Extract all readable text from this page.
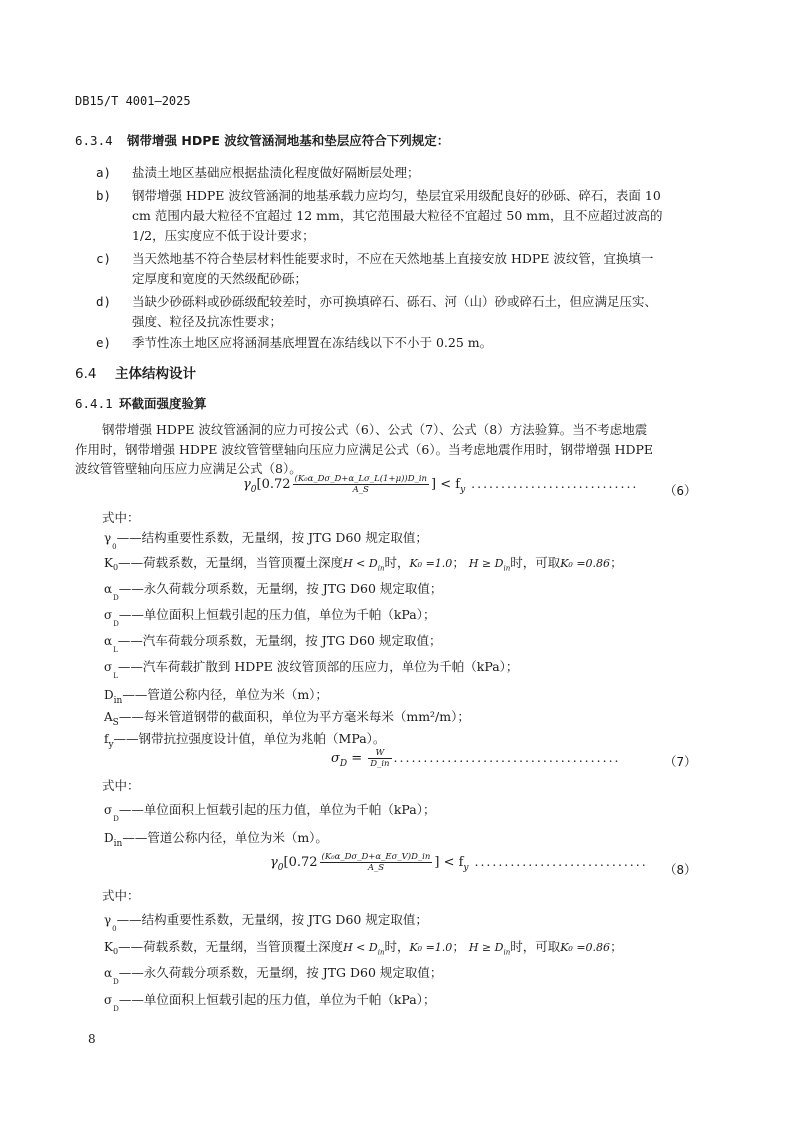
DB15/T 4001—2025
6.3.4 钢带增强 HDPE 波纹管涵洞地基和垫层应符合下列规定：
a) 盐渍土地区基础应根据盐渍化程度做好隔断层处理；
b) 钢带增强 HDPE 波纹管涵洞的地基承载力应均匀，垫层宜采用级配良好的砂砾、碎石，表面 10
cm 范围内最大粒径不宜超过 12 mm，其它范围最大粒径不宜超过 50 mm，且不应超过波高的
1/2，压实度应不低于设计要求；
c) 当天然地基不符合垫层材料性能要求时，不应在天然地基上直接安放 HDPE 波纹管，宜换填一
定厚度和宽度的天然级配砂砾；
d) 当缺少砂砾料或砂砾级配较差时，亦可换填碎石、砾石、河（山）砂或碎石土，但应满足压实、
强度、粒径及抗冻性要求；
e) 季节性冻土地区应将涵洞基底埋置在冻结线以下不小于 0.25 m。
6.4 主体结构设计
6.4.1 环截面强度验算
钢带增强 HDPE 波纹管涵洞的应力可按公式（6）、公式（7）、公式（8）方法验算。当不考虑地震
作用时，钢带增强 HDPE 波纹管管壁轴向压应力应满足公式（6）。当考虑地震作用时，钢带增强 HDPE
波纹管管壁轴向压应力应满足公式（8）。
$\gamma_0[0.72 \frac{\text{(K₀α\_Dσ\_D+α\_Lσ\_L(1+μ))D\_in}}{A\_S}$ ] < $f_y$ ............................ （6）
式中：
$\gamma_0——$结构重要性系数，无量纲，按 JTG D60 规定取值；
$K_0——$荷载系数，无量纲，当管顶覆土深度$H < D_{in}$时，K₀ =1.0； $H \ge D_{in}$时，可取K₀ =0.86；
$\alpha_D——$永久荷载分项系数，无量纲，按 JTG D60 规定取值；
$\sigma_D——$单位面积上恒载引起的压力值，单位为千帕（kPa）；
$\alpha_L——$汽车荷载分项系数，无量纲，按 JTG D60 规定取值；
$\sigma_L——$汽车荷载扩散到 HDPE 波纹管顶部的压应力，单位为千帕（kPa）；
$D_{in}——$管道公称内径，单位为米（m）；
$A_S——$每米管道钢带的截面积，单位为平方毫米每米（mm²/m）；
$f_y——$钢带抗拉强度设计值，单位为兆帕（MPa）。
$\sigma_D = \frac{W}{D\_in}$ ......................................	（7）
式中：
$\sigma_D——$单位面积上恒载引起的压力值，单位为千帕（kPa）；
$D_{in}——$管道公称内径，单位为米（m）。
$\gamma_0[0.72 \frac{\text{(K₀α\_Dσ\_D+α\_Eσ\_V)D\_in}}{A\_S}$ ] < $f_y$ .............................
（8）
式中：
$\gamma_0——$结构重要性系数，无量纲，按 JTG D60 规定取值；
$K_0——$荷载系数，无量纲，当管顶覆土深度$H < D_{in}$时，K₀ =1.0； $H \ge D_{in}$时，可取K₀ =0.86；
$\alpha_D——$永久荷载分项系数，无量纲，按 JTG D60 规定取值；
$\sigma_D——$单位面积上恒载引起的压力值，单位为千帕（kPa）；
8
